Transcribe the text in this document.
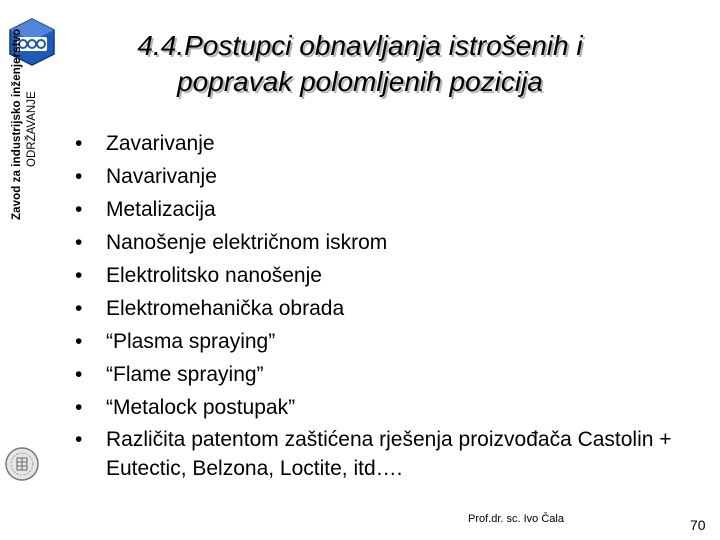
Zavod za industrijsko inženjerstvo ODRŽAVANJE
4.4.Postupci obnavljanja istrošenih i
popravak polomljenih pozicija
• Zavarivanje
• Navarivanje
• Metalizacija
• Nanošenje električnom iskrom
• Elektrolitsko nanošenje
• Elektromehanička obrada
• “Plasma spraying”
• “Flame spraying”
• “Metalock postupak”
• Različita patentom zaštićena rješenja proizvođača Castolin + Eutectic, Belzona, Loctite, itd….
Prof.dr. sc. Ivo Čala	70
